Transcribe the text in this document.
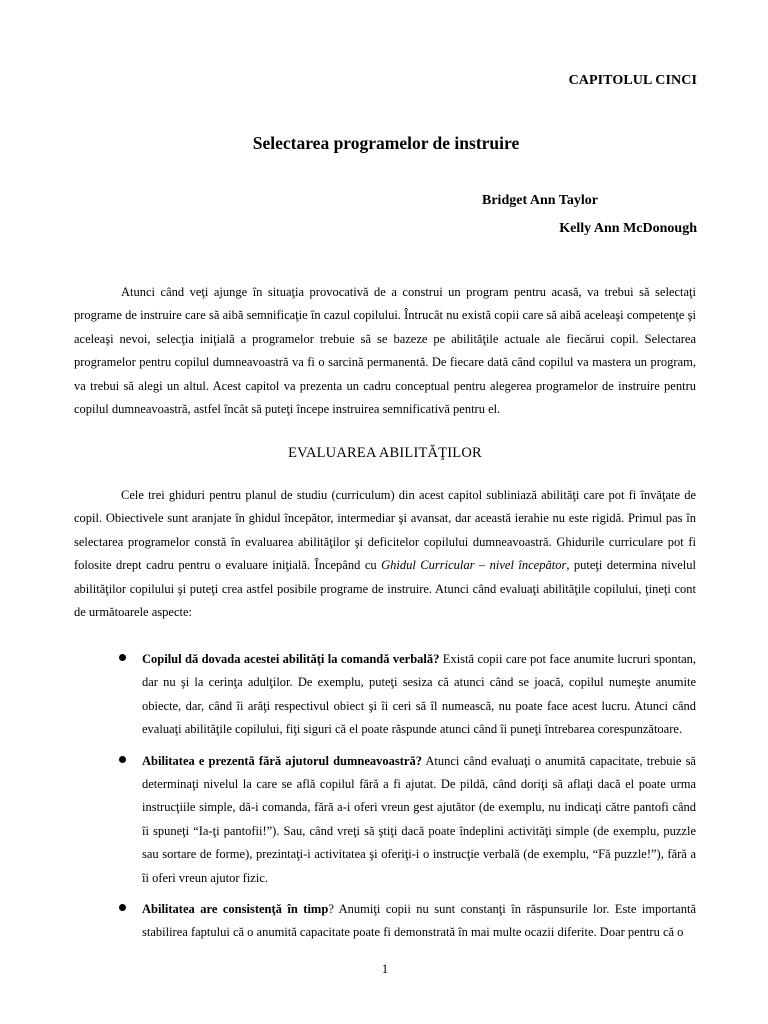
CAPITOLUL CINCI
Selectarea programelor de instruire
Bridget Ann Taylor
Kelly Ann McDonough

Atunci când veţi ajunge în situaţia provocativă de a construi un program pentru acasă, va trebui să selectaţi programe de instruire care să aibă semnificaţie în cazul copilului. Întrucât nu există copii care să aibă aceleaşi competenţe şi aceleaşi nevoi, selecţia iniţială a programelor trebuie să se bazeze pe abilităţile actuale ale fiecărui copil. Selectarea programelor pentru copilul dumneavoastră va fi o sarcină permanentă. De fiecare dată când copilul va mastera un program, va trebui să alegi un altul. Acest capitol va prezenta un cadru conceptual pentru alegerea programelor de instruire pentru copilul dumneavoastră, astfel încât să puteţi începe instruirea semnificativă pentru el.

EVALUAREA ABILITĂŢILOR

Cele trei ghiduri pentru planul de studiu (curriculum) din acest capitol subliniază abilităţi care pot fi învăţate de copil. Obiectivele sunt aranjate în ghidul începător, intermediar şi avansat, dar această ierahie nu este rigidă. Primul pas în selectarea programelor constă în evaluarea abilităţilor şi deficitelor copilului dumneavoastră. Ghidurile curriculare pot fi folosite drept cadru pentru o evaluare iniţială. Începând cu Ghidul Curricular – nivel începător, puteţi determina nivelul abilităţilor copilului şi puteţi crea astfel posibile programe de instruire. Atunci când evaluaţi abilităţile copilului, ţineţi cont de următoarele aspecte:

Copilul dă dovada acestei abilităţi la comandă verbală? Există copii care pot face anumite lucruri spontan, dar nu şi la cerinţa adulţilor. De exemplu, puteţi sesiza că atunci când se joacă, copilul numeşte anumite obiecte, dar, când îi arăţi respectivul obiect şi îi ceri să îl numească, nu poate face acest lucru. Atunci când evaluaţi abilităţile copilului, fiţi siguri că el poate răspunde atunci când îi puneţi întrebarea corespunzătoare.
Abilitatea e prezentă fără ajutorul dumneavoastră? Atunci când evaluaţi o anumită capacitate, trebuie să determinaţi nivelul la care se află copilul fără a fi ajutat. De pildă, când doriţi să aflaţi dacă el poate urma instrucţiile simple, dă-i comanda, fără a-i oferi vreun gest ajutător (de exemplu, nu indicaţi către pantofi când îi spuneţi “Ia-ţi pantofii!”). Sau, când vreţi să ştiţi dacă poate îndeplini activităţi simple (de exemplu, puzzle sau sortare de forme), prezintaţi-i activitatea şi oferiţi-i o instrucţie verbală (de exemplu, “Fă puzzle!”), fără a îi oferi vreun ajutor fizic.
Abilitatea are consistenţă în timp? Anumiţi copii nu sunt constanţi în răspunsurile lor. Este importantă stabilirea faptului că o anumită capacitate poate fi demonstrată în mai multe ocazii diferite. Doar pentru că o
1
